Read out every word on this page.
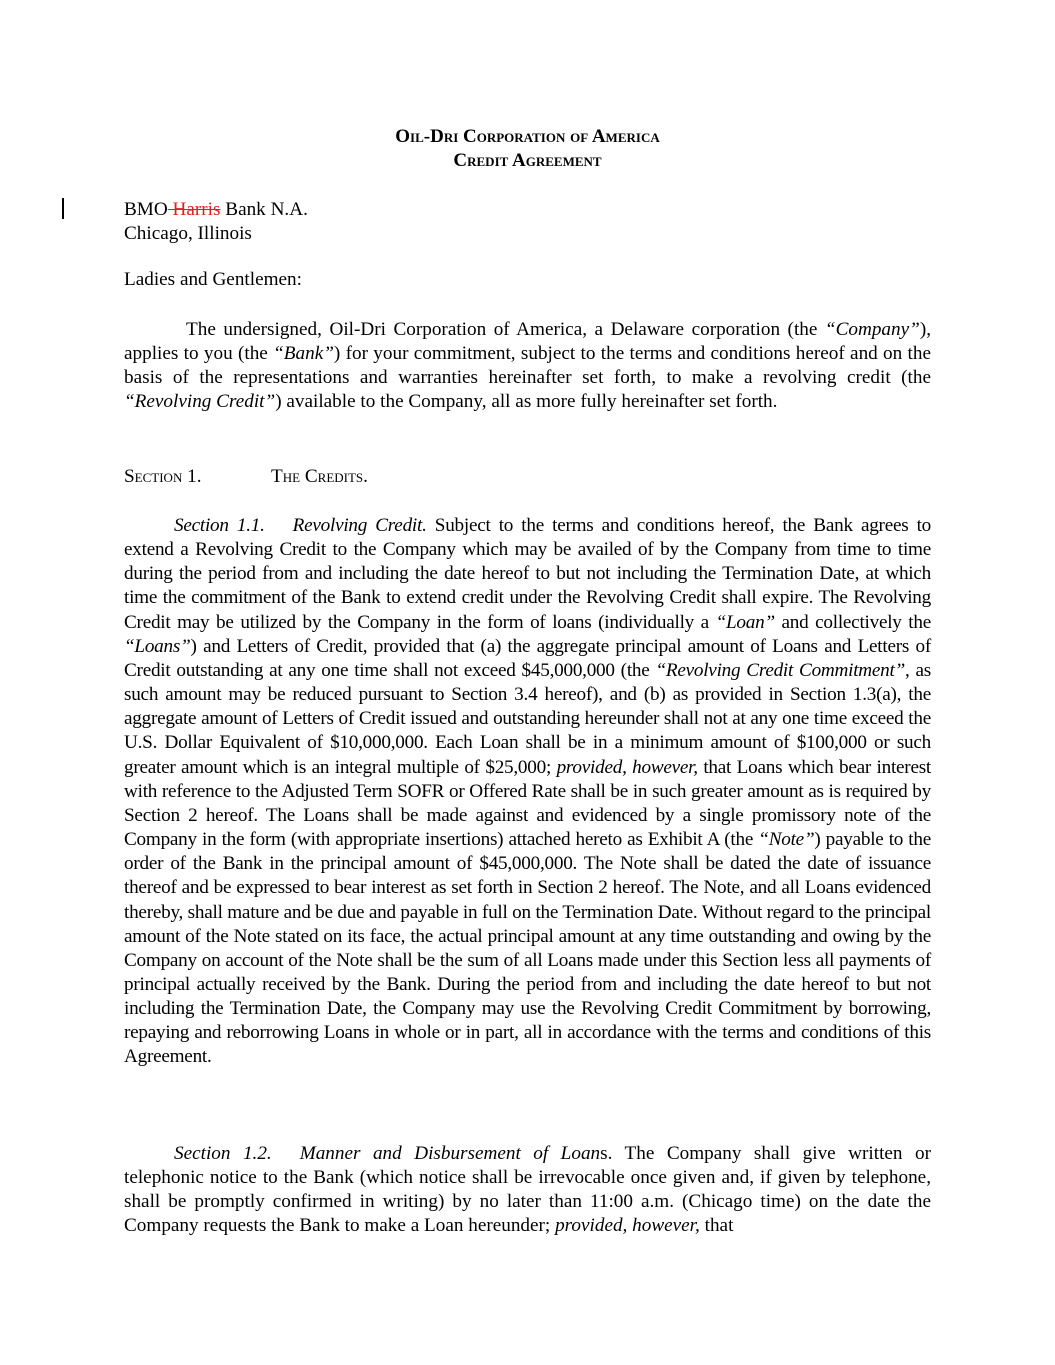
Oil-Dri Corporation of America
Credit Agreement
BMO Harris Bank N.A.
Chicago, Illinois
Ladies and Gentlemen:
The undersigned, Oil-Dri Corporation of America, a Delaware corporation (the “Company”), applies to you (the “Bank”) for your commitment, subject to the terms and conditions hereof and on the basis of the representations and warranties hereinafter set forth, to make a revolving credit (the “Revolving Credit”) available to the Company, all as more fully hereinafter set forth.
Section 1.	The Credits.
Section 1.1. Revolving Credit. Subject to the terms and conditions hereof, the Bank agrees to extend a Revolving Credit to the Company which may be availed of by the Company from time to time during the period from and including the date hereof to but not including the Termination Date, at which time the commitment of the Bank to extend credit under the Revolving Credit shall expire. The Revolving Credit may be utilized by the Company in the form of loans (individually a “Loan” and collectively the “Loans”) and Letters of Credit, provided that (a) the aggregate principal amount of Loans and Letters of Credit outstanding at any one time shall not exceed $45,000,000 (the “Revolving Credit Commitment”, as such amount may be reduced pursuant to Section 3.4 hereof), and (b) as provided in Section 1.3(a), the aggregate amount of Letters of Credit issued and outstanding hereunder shall not at any one time exceed the U.S. Dollar Equivalent of $10,000,000. Each Loan shall be in a minimum amount of $100,000 or such greater amount which is an integral multiple of $25,000; provided, however, that Loans which bear interest with reference to the Adjusted Term SOFR or Offered Rate shall be in such greater amount as is required by Section 2 hereof. The Loans shall be made against and evidenced by a single promissory note of the Company in the form (with appropriate insertions) attached hereto as Exhibit A (the “Note”) payable to the order of the Bank in the principal amount of $45,000,000. The Note shall be dated the date of issuance thereof and be expressed to bear interest as set forth in Section 2 hereof. The Note, and all Loans evidenced thereby, shall mature and be due and payable in full on the Termination Date. Without regard to the principal amount of the Note stated on its face, the actual principal amount at any time outstanding and owing by the Company on account of the Note shall be the sum of all Loans made under this Section less all payments of principal actually received by the Bank. During the period from and including the date hereof to but not including the Termination Date, the Company may use the Revolving Credit Commitment by borrowing, repaying and reborrowing Loans in whole or in part, all in accordance with the terms and conditions of this Agreement.
Section 1.2. Manner and Disbursement of Loans. The Company shall give written or telephonic notice to the Bank (which notice shall be irrevocable once given and, if given by telephone, shall be promptly confirmed in writing) by no later than 11:00 a.m. (Chicago time) on the date the Company requests the Bank to make a Loan hereunder; provided, however, that
